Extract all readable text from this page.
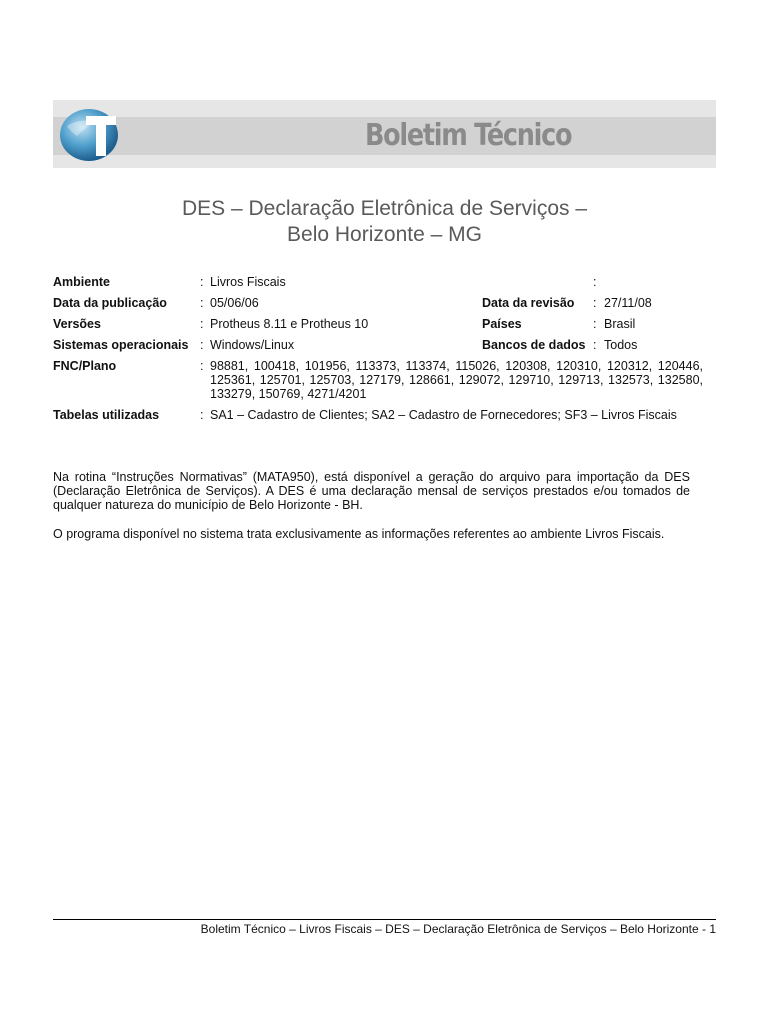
Boletim Técnico
DES – Declaração Eletrônica de Serviços –
Belo Horizonte – MG
Ambiente	:	Livros Fiscais		:	
Data da publicação	:	05/06/06	Data da revisão	:	27/11/08
Versões	:	Protheus 8.11 e Protheus 10	Países	:	Brasil
Sistemas operacionais	:	Windows/Linux	Bancos de dados	:	Todos
FNC/Plano	:	98881, 100418, 101956, 113373, 113374, 115026, 120308, 120310, 120312, 120446, 125361, 125701, 125703, 127179, 128661, 129072, 129710, 129713, 132573, 132580, 133279, 150769, 4271/4201			
Tabelas utilizadas	:	SA1 – Cadastro de Clientes; SA2 – Cadastro de Fornecedores; SF3 – Livros Fiscais			

Na rotina “Instruções Normativas” (MATA950), está disponível a geração do arquivo para importação da DES (Declaração Eletrônica de Serviços). A DES é uma declaração mensal de serviços prestados e/ou tomados de qualquer natureza do município de Belo Horizonte - BH.

O programa disponível no sistema trata exclusivamente as informações referentes ao ambiente Livros Fiscais.

Boletim Técnico – Livros Fiscais – DES – Declaração Eletrônica de Serviços – Belo Horizonte - 1
